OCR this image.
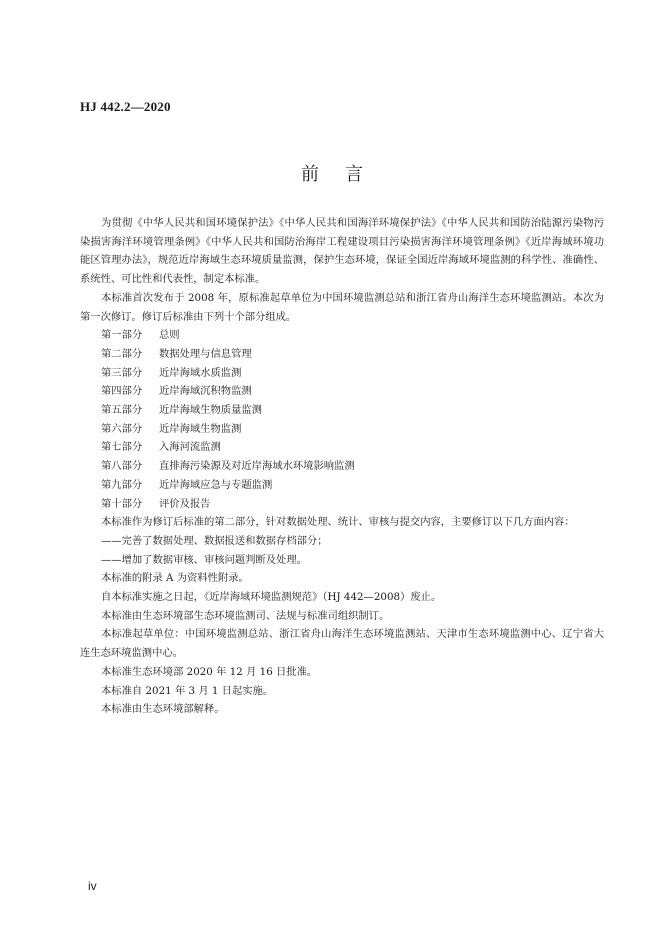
HJ 442.2—2020
前言

为贯彻《中华人民共和国环境保护法》《中华人民共和国海洋环境保护法》《中华人民共和国防治陆源污染物污染损害海洋环境管理条例》《中华人民共和国防治海岸工程建设项目污染损害海洋环境管理条例》《近岸海域环境功能区管理办法》，规范近岸海域生态环境质量监测，保护生态环境，保证全国近岸海域环境监测的科学性、准确性、系统性、可比性和代表性，制定本标准。

本标准首次发布于 2008 年，原标准起草单位为中国环境监测总站和浙江省舟山海洋生态环境监测站。本次为第一次修订。修订后标准由下列十个部分组成。

第一部分 总则

第二部分 数据处理与信息管理

第三部分 近岸海域水质监测

第四部分 近岸海域沉积物监测

第五部分 近岸海域生物质量监测

第六部分 近岸海域生物监测

第七部分 入海河流监测

第八部分 直排海污染源及对近岸海域水环境影响监测

第九部分 近岸海域应急与专题监测

第十部分 评价及报告

本标准作为修订后标准的第二部分，针对数据处理、统计、审核与提交内容，主要修订以下几方面内容：

——完善了数据处理、数据报送和数据存档部分；

——增加了数据审核、审核问题判断及处理。

本标准的附录 A 为资料性附录。

自本标准实施之日起，《近岸海域环境监测规范》（HJ 442—2008）废止。

本标准由生态环境部生态环境监测司、法规与标准司组织制订。

本标准起草单位：中国环境监测总站、浙江省舟山海洋生态环境监测站、天津市生态环境监测中心、辽宁省大连生态环境监测中心。

本标准生态环境部 2020 年 12 月 16 日批准。

本标准自 2021 年 3 月 1 日起实施。

本标准由生态环境部解释。

iv
